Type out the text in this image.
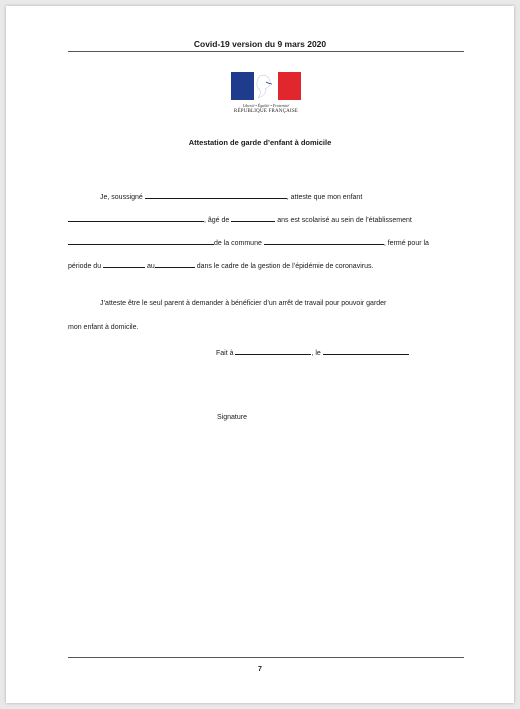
Covid-19 version du 9 mars 2020
Liberté • Égalité • Fraternité
RÉPUBLIQUE FRANÇAISE
Attestation de garde d’enfant à domicile
Je, soussigné	, atteste que mon enfant
, âgé de	ans est scolarisé au sein de l’établissement
de la commune	, fermé pour la
période du	au	dans le cadre de la gestion de l’épidémie de coronavirus.
J’atteste être le seul parent à demander à bénéficier d’un arrêt de travail pour pouvoir garder
mon enfant à domicile.
Fait à	, le
Signature
7
